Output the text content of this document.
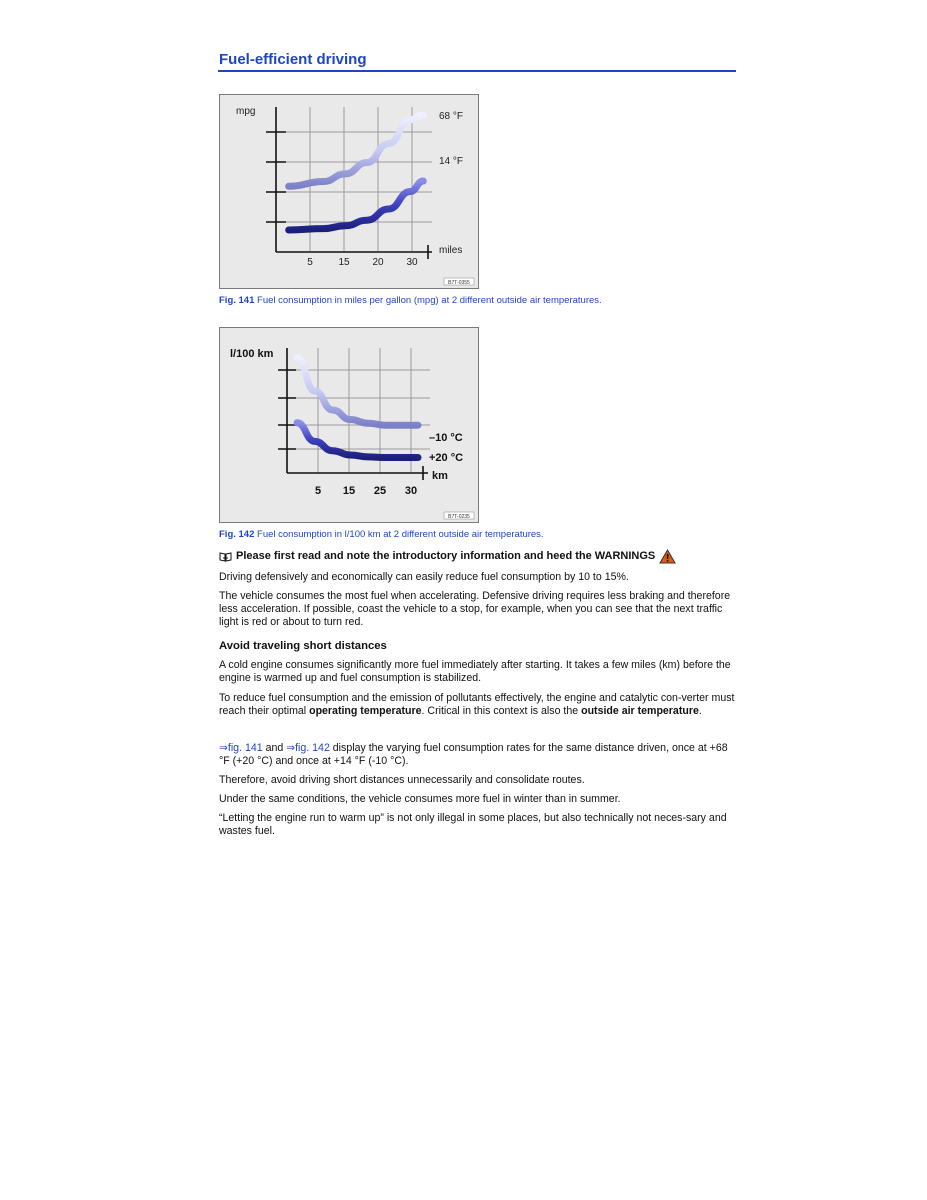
Fuel-efficient driving
mpg
miles
68 °F
14 °F
5	15 20 30
B7T-0355
Fig. 141 Fuel consumption in miles per gallon (mpg) at 2 different outside air temperatures.
l/100 km
km
–10 °C
+20 °C
5 15 25 30
B7T-0235
Fig. 142 Fuel consumption in l/100 km at 2 different outside air temperatures.
Please first read and note the introductory information and heed the WARNINGS
Driving defensively and economically can easily reduce fuel consumption by 10 to 15%.
The vehicle consumes the most fuel when accelerating. Defensive driving requires less braking and therefore less acceleration. If possible, coast the vehicle to a stop, for example, when you can see that the next traffic light is red or about to turn red.
Avoid traveling short distances
A cold engine consumes significantly more fuel immediately after starting. It takes a few miles (km) before the engine is warmed up and fuel consumption is stabilized.
To reduce fuel consumption and the emission of pollutants effectively, the engine and catalytic con-verter must reach their optimal operating temperature. Critical in this context is also the outside air temperature.
⇒fig. 141 and ⇒fig. 142 display the varying fuel consumption rates for the same distance driven, once at +68 °F (+20 °C) and once at +14 °F (-10 °C).
Therefore, avoid driving short distances unnecessarily and consolidate routes.
Under the same conditions, the vehicle consumes more fuel in winter than in summer.
“Letting the engine run to warm up” is not only illegal in some places, but also technically not neces-sary and wastes fuel.
